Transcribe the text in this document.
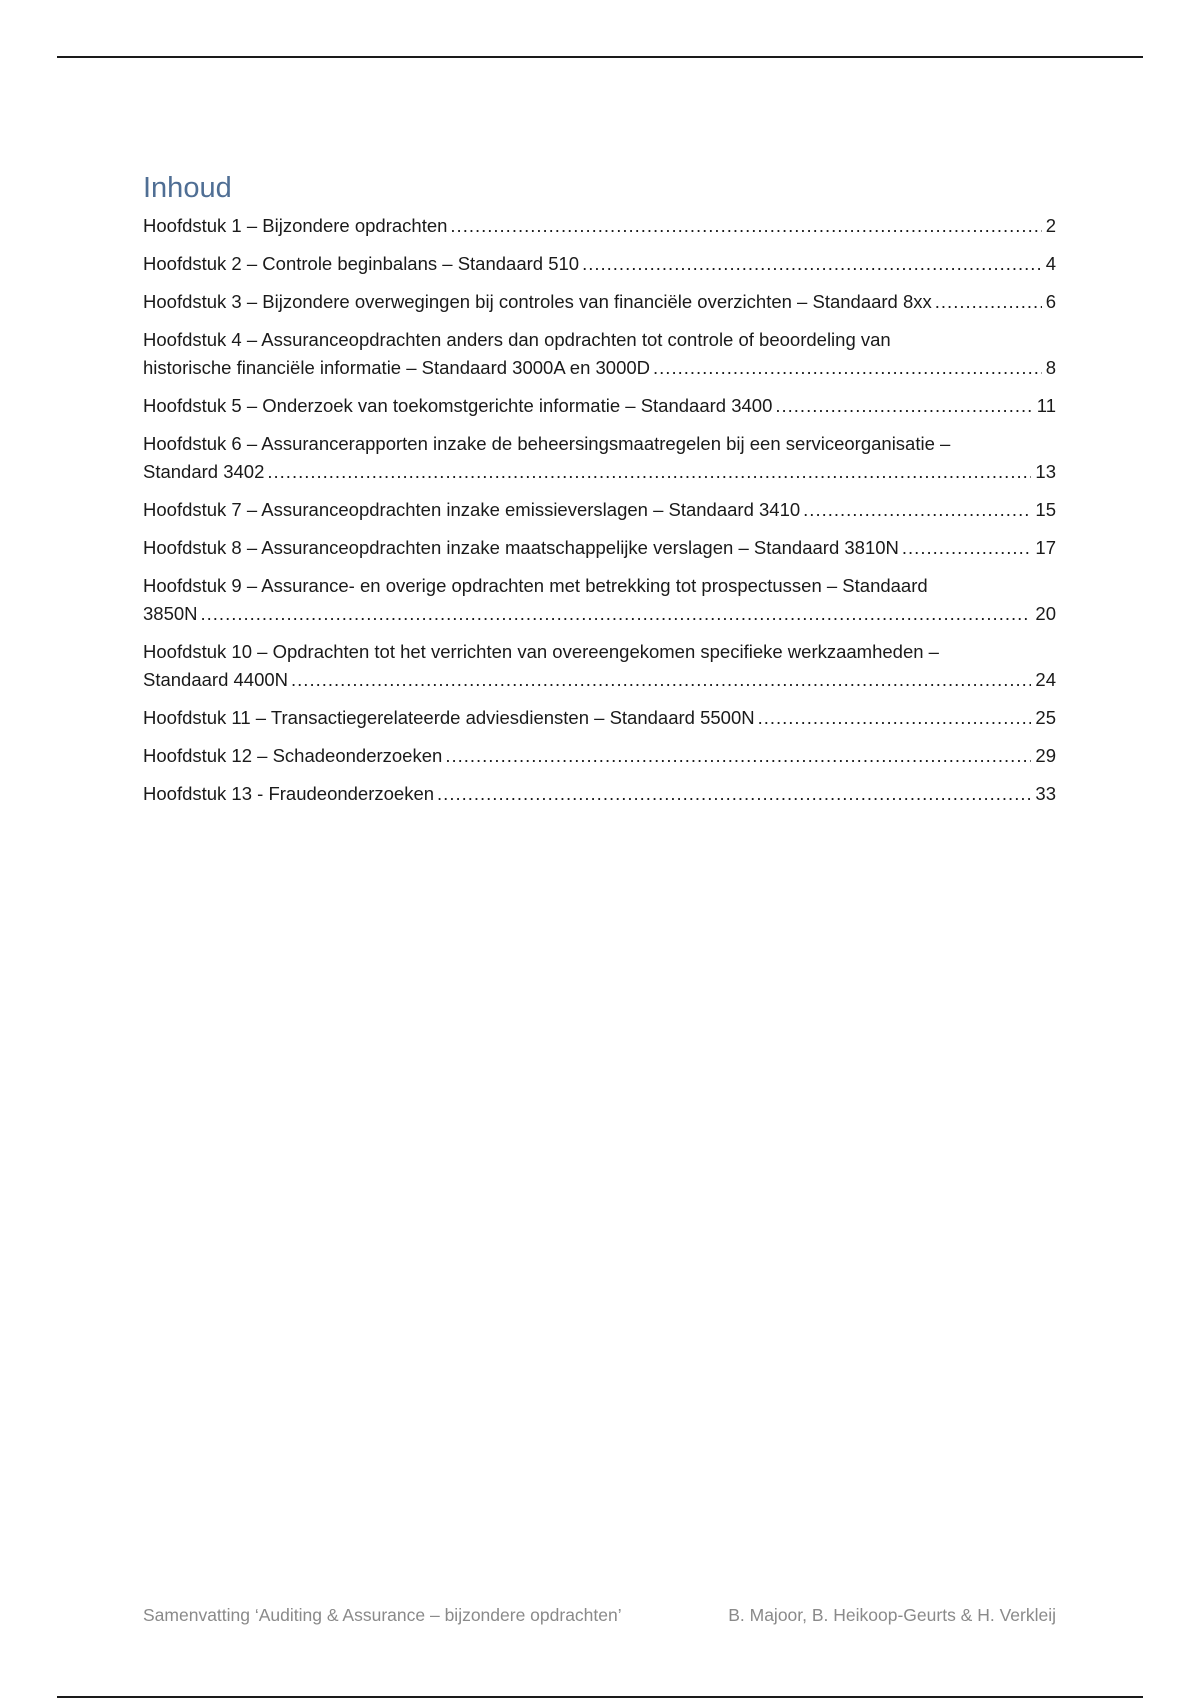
Inhoud
Hoofdstuk 1 – Bijzondere opdrachten .....	2
Hoofdstuk 2 – Controle beginbalans – Standaard 510 .....	4
Hoofdstuk 3 – Bijzondere overwegingen bij controles van financiële overzichten – Standaard 8xx .....	6
Hoofdstuk 4 – Assuranceopdrachten anders dan opdrachten tot controle of beoordeling van
historische financiële informatie – Standaard 3000A en 3000D .....	8
Hoofdstuk 5 – Onderzoek van toekomstgerichte informatie – Standaard 3400 .....	11
Hoofdstuk 6 – Assurancerapporten inzake de beheersingsmaatregelen bij een serviceorganisatie –
Standard 3402 .....	13
Hoofdstuk 7 – Assuranceopdrachten inzake emissieverslagen – Standaard 3410 .....	15
Hoofdstuk 8 – Assuranceopdrachten inzake maatschappelijke verslagen – Standaard 3810N .....	17
Hoofdstuk 9 – Assurance- en overige opdrachten met betrekking tot prospectussen – Standaard
3850N .....	20
Hoofdstuk 10 – Opdrachten tot het verrichten van overeengekomen specifieke werkzaamheden –
Standaard 4400N .....	24
Hoofdstuk 11 – Transactiegerelateerde adviesdiensten – Standaard 5500N .....	25
Hoofdstuk 12 – Schadeonderzoeken .....	29
Hoofdstuk 13 - Fraudeonderzoeken .....	33
Samenvatting ‘Auditing & Assurance – bijzondere opdrachten’	B. Majoor, B. Heikoop-Geurts & H. Verkleij
